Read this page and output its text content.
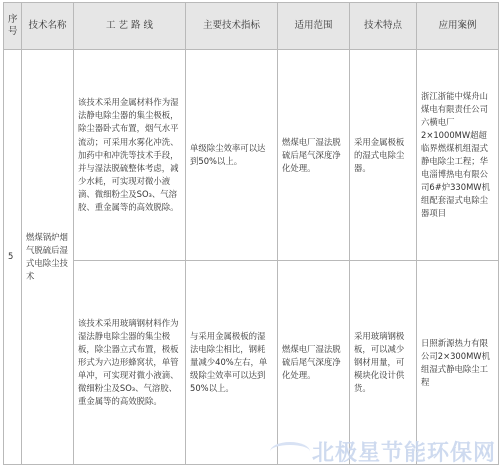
序号	技术名称	工 艺 路 线	主要技术指标	适用范围	技术特点	应用案例
5	燃煤锅炉烟气脱硫后湿式电除尘技术	该技术采用金属材料作为湿法静电除尘器的集尘极板，除尘器卧式布置，烟气水平流动；可采用水雾化冲洗、加药中和冲洗等技术手段，并与湿法脱硫整体考虑，减少水耗，可实现对微小液滴、微细粉尘及SO₃、气溶胶、重金属等的高效脱除。	单级除尘效率可以达到50%以上。	燃煤电厂湿法脱硫后尾气深度净化处理。	采用金属极板的湿式电除尘器。	浙江浙能中煤舟山煤电有限责任公司六横电厂2×1000MW超超临界燃煤机组湿式静电除尘工程；华电淄博热电有限公司6#炉330MW机组配套湿式电除尘器项目
		该技术采用玻璃钢材料作为湿法静电除尘器的集尘极板，除尘器立式布置，极板形式为六边形蜂窝状，单管单冲，可实现对微小液滴、微细粉尘及SO₃、气溶胶、重金属等的高效脱除。	与采用金属极板的湿法电除尘相比，钢耗量减少40%左右，单级除尘效率可以达到50%以上。	燃煤电厂湿法脱硫后尾气深度净化处理。	采用玻璃钢极板，可以减少钢材用量，可模块化设计供货。	日照新源热力有限公司2×300MW机组湿式静电除尘工程
北极星节能环保网
